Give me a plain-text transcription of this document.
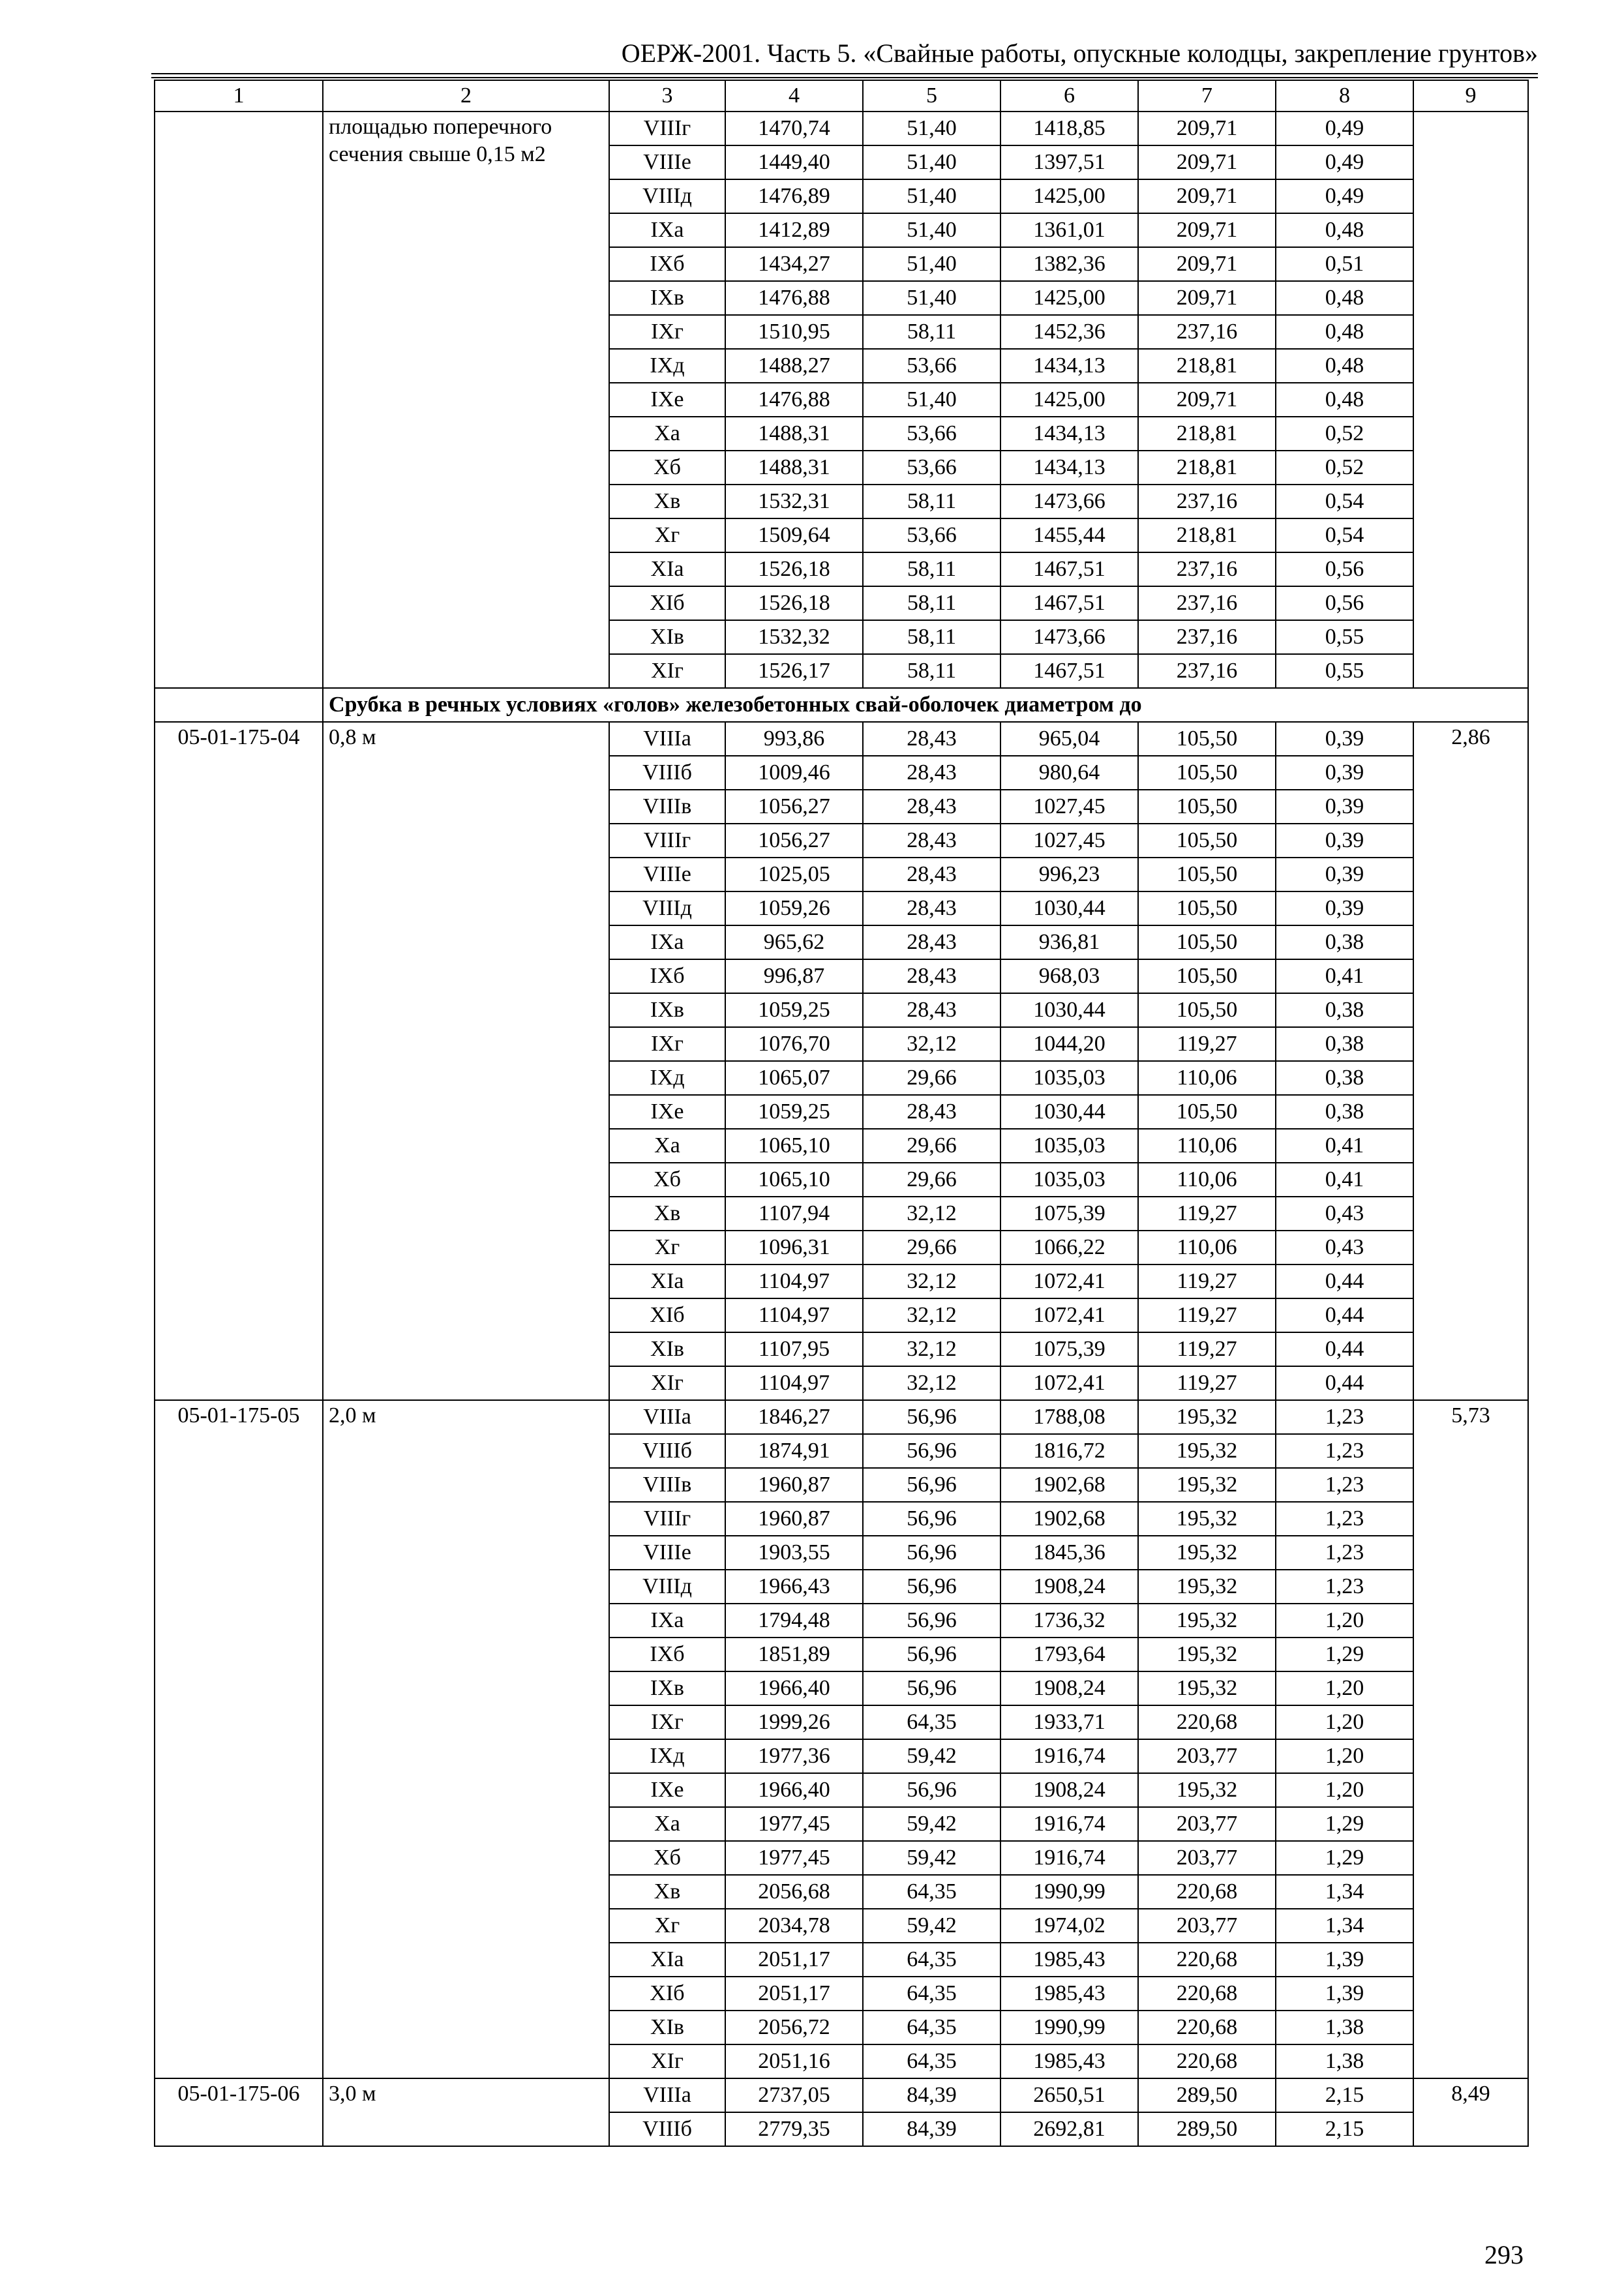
ОЕРЖ-2001. Часть 5. «Свайные работы, опускные колодцы, закрепление грунтов»
1	2	3	4	5	6	7	8	9
	площадью поперечного сечения свыше 0,15 м2	VIIIг	1470,74	51,40	1418,85	209,71	0,49	
		VIIIе	1449,40	51,40	1397,51	209,71	0,49	
		VIIIд	1476,89	51,40	1425,00	209,71	0,49	
		IXа	1412,89	51,40	1361,01	209,71	0,48	
		IXб	1434,27	51,40	1382,36	209,71	0,51	
		IXв	1476,88	51,40	1425,00	209,71	0,48	
		IXг	1510,95	58,11	1452,36	237,16	0,48	
		IXд	1488,27	53,66	1434,13	218,81	0,48	
		IXе	1476,88	51,40	1425,00	209,71	0,48	
		Xа	1488,31	53,66	1434,13	218,81	0,52	
		Xб	1488,31	53,66	1434,13	218,81	0,52	
		Xв	1532,31	58,11	1473,66	237,16	0,54	
		Xг	1509,64	53,66	1455,44	218,81	0,54	
		XIа	1526,18	58,11	1467,51	237,16	0,56	
		XIб	1526,18	58,11	1467,51	237,16	0,56	
		XIв	1532,32	58,11	1473,66	237,16	0,55	
		XIг	1526,17	58,11	1467,51	237,16	0,55	
	Срубка в речных условиях «голов» железобетонных свай-оболочек диаметром до							
05-01-175-04	0,8 м	VIIIа	993,86	28,43	965,04	105,50	0,39	2,86
		VIIIб	1009,46	28,43	980,64	105,50	0,39	
		VIIIв	1056,27	28,43	1027,45	105,50	0,39	
		VIIIг	1056,27	28,43	1027,45	105,50	0,39	
		VIIIе	1025,05	28,43	996,23	105,50	0,39	
		VIIIд	1059,26	28,43	1030,44	105,50	0,39	
		IXа	965,62	28,43	936,81	105,50	0,38	
		IXб	996,87	28,43	968,03	105,50	0,41	
		IXв	1059,25	28,43	1030,44	105,50	0,38	
		IXг	1076,70	32,12	1044,20	119,27	0,38	
		IXд	1065,07	29,66	1035,03	110,06	0,38	
		IXе	1059,25	28,43	1030,44	105,50	0,38	
		Xа	1065,10	29,66	1035,03	110,06	0,41	
		Xб	1065,10	29,66	1035,03	110,06	0,41	
		Xв	1107,94	32,12	1075,39	119,27	0,43	
		Xг	1096,31	29,66	1066,22	110,06	0,43	
		XIа	1104,97	32,12	1072,41	119,27	0,44	
		XIб	1104,97	32,12	1072,41	119,27	0,44	
		XIв	1107,95	32,12	1075,39	119,27	0,44	
		XIг	1104,97	32,12	1072,41	119,27	0,44	
05-01-175-05	2,0 м	VIIIа	1846,27	56,96	1788,08	195,32	1,23	5,73
		VIIIб	1874,91	56,96	1816,72	195,32	1,23	
		VIIIв	1960,87	56,96	1902,68	195,32	1,23	
		VIIIг	1960,87	56,96	1902,68	195,32	1,23	
		VIIIе	1903,55	56,96	1845,36	195,32	1,23	
		VIIIд	1966,43	56,96	1908,24	195,32	1,23	
		IXа	1794,48	56,96	1736,32	195,32	1,20	
		IXб	1851,89	56,96	1793,64	195,32	1,29	
		IXв	1966,40	56,96	1908,24	195,32	1,20	
		IXг	1999,26	64,35	1933,71	220,68	1,20	
		IXд	1977,36	59,42	1916,74	203,77	1,20	
		IXе	1966,40	56,96	1908,24	195,32	1,20	
		Xа	1977,45	59,42	1916,74	203,77	1,29	
		Xб	1977,45	59,42	1916,74	203,77	1,29	
		Xв	2056,68	64,35	1990,99	220,68	1,34	
		Xг	2034,78	59,42	1974,02	203,77	1,34	
		XIа	2051,17	64,35	1985,43	220,68	1,39	
		XIб	2051,17	64,35	1985,43	220,68	1,39	
		XIв	2056,72	64,35	1990,99	220,68	1,38	
		XIг	2051,16	64,35	1985,43	220,68	1,38	
05-01-175-06	3,0 м	VIIIа	2737,05	84,39	2650,51	289,50	2,15	8,49
		VIIIб	2779,35	84,39	2692,81	289,50	2,15	
293
